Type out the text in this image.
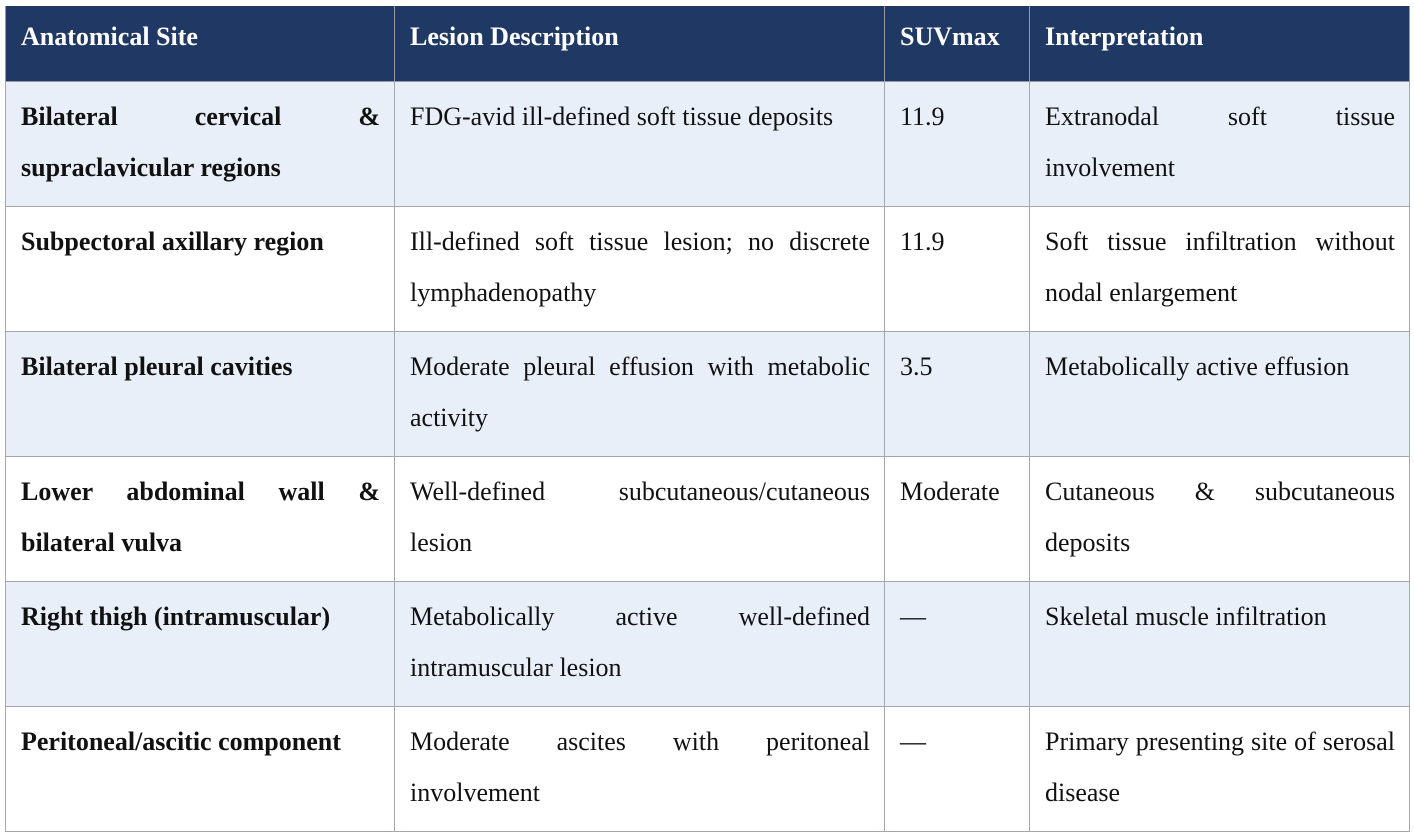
Anatomical Site	Lesion Description	SUVmax	Interpretation
Bilateral cervical & supraclavicular regions	FDG-avid ill-defined soft tissue deposits	11.9	Extranodal soft tissue involvement
Subpectoral axillary region	Ill-defined soft tissue lesion; no discrete lymphadenopathy	11.9	Soft tissue infiltration without nodal enlargement
Bilateral pleural cavities	Moderate pleural effusion with metabolic activity	3.5	Metabolically active effusion
Lower abdominal wall & bilateral vulva	Well-defined subcutaneous/cutaneous lesion	Moderate	Cutaneous & subcutaneous deposits
Right thigh (intramuscular)	Metabolically active well-defined intramuscular lesion	—	Skeletal muscle infiltration
Peritoneal/ascitic component	Moderate ascites with peritoneal involvement	—	Primary presenting site of serosal disease
